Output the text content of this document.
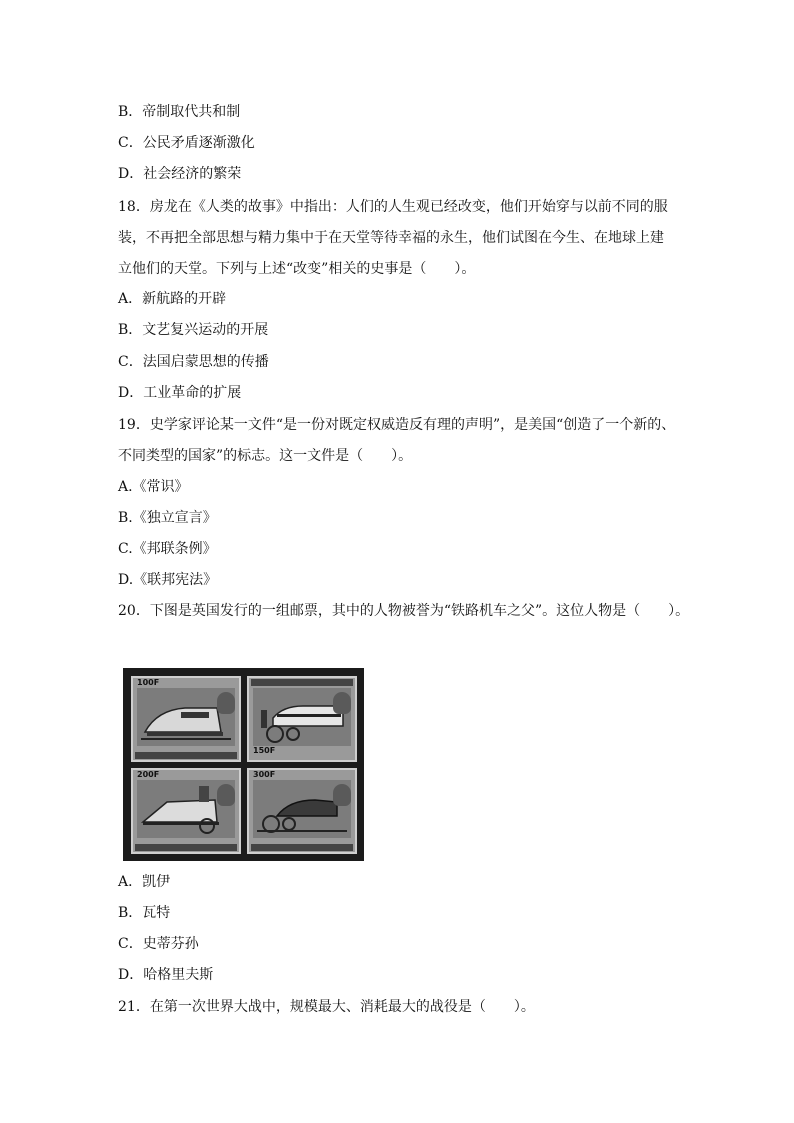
B．帝制取代共和制
C．公民矛盾逐渐激化
D．社会经济的繁荣
18．房龙在《人类的故事》中指出：人们的人生观已经改变，他们开始穿与以前不同的服
装，不再把全部思想与精力集中于在天堂等待幸福的永生，他们试图在今生、在地球上建
立他们的天堂。下列与上述“改变”相关的史事是（　　）。
A．新航路的开辟
B．文艺复兴运动的开展
C．法国启蒙思想的传播
D．工业革命的扩展
19．史学家评论某一文件“是一份对既定权威造反有理的声明”，是美国“创造了一个新的、
不同类型的国家”的标志。这一文件是（　　）。
A.《常识》
B.《独立宣言》
C.《邦联条例》
D.《联邦宪法》
20．下图是英国发行的一组邮票，其中的人物被誉为“铁路机车之父”。这位人物是（　　）。
100F
150F
200F	300F
A．凯伊
B．瓦特
C．史蒂芬孙
D．哈格里夫斯
21．在第一次世界大战中，规模最大、消耗最大的战役是（　　）。
